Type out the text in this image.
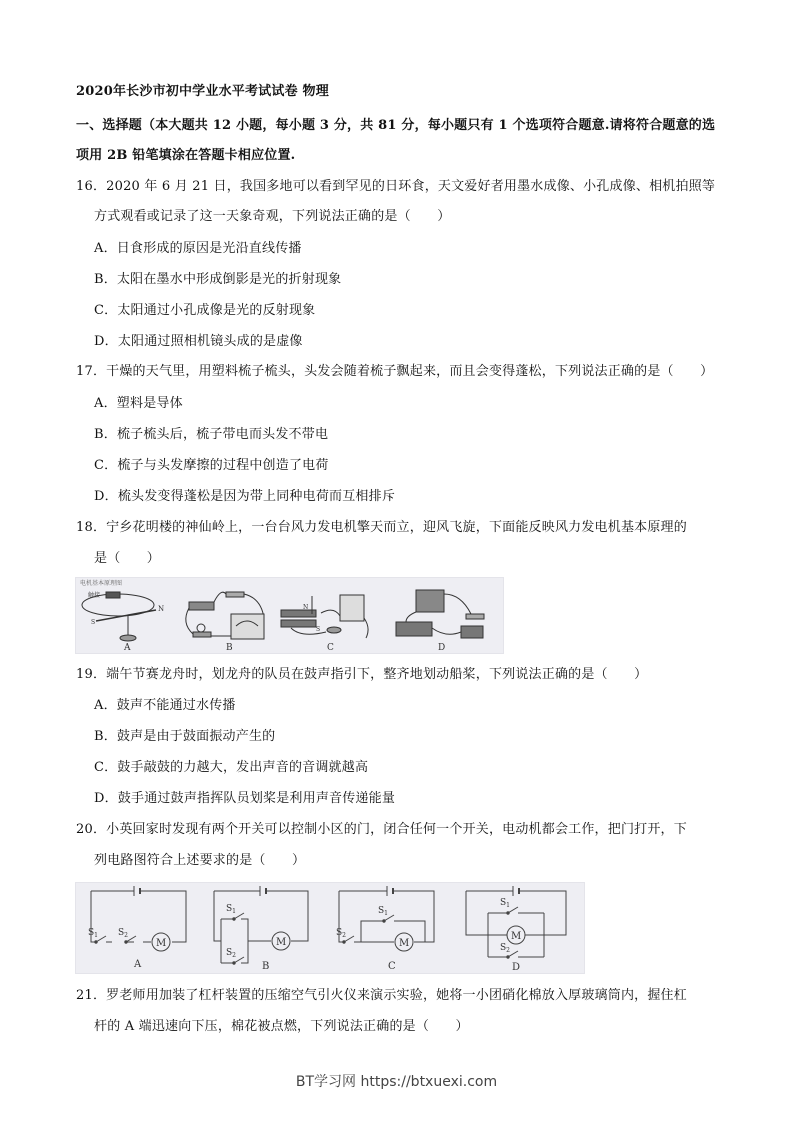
2020年长沙市初中学业水平考试试卷 物理
一、选择题（本大题共 12 小题，每小题 3 分，共 81 分，每小题只有 1 个选项符合题意.请将符合题意的选
项用 2B 铅笔填涂在答题卡相应位置.
16．2020 年 6 月 21 日，我国多地可以看到罕见的日环食，天文爱好者用墨水成像、小孔成像、相机拍照等
方式观看或记录了这一天象奇观，下列说法正确的是（　　）
A．日食形成的原因是光沿直线传播
B．太阳在墨水中形成倒影是光的折射现象
C．太阳通过小孔成像是光的反射现象
D．太阳通过照相机镜头成的是虚像
17．干燥的天气里，用塑料梳子梳头，头发会随着梳子飘起来，而且会变得蓬松，下列说法正确的是（　　）
A．塑料是导体
B．梳子梳头后，梳子带电而头发不带电
C．梳子与头发摩擦的过程中创造了电荷
D．梳头发变得蓬松是因为带上同种电荷而互相排斥
18．宁乡花明楼的神仙岭上，一台台风力发电机擎天而立，迎风飞旋，下面能反映风力发电机基本原理的
是（　　）
电机基本原理图
触接
N
S
N
S
A	B	C	D
19．端午节赛龙舟时，划龙舟的队员在鼓声指引下，整齐地划动船桨，下列说法正确的是（　　）
A．鼓声不能通过水传播
B．鼓声是由于鼓面振动产生的
C．鼓手敲鼓的力越大，发出声音的音调就越高
D．鼓手通过鼓声指挥队员划桨是利用声音传递能量
20．小英回家时发现有两个开关可以控制小区的门，闭合任何一个开关，电动机都会工作，把门打开，下
列电路图符合上述要求的是（　　）
M
$S_1$ $S_2$
A
M
$S_1$
$S_2$
B
M
$S_2$
$S_1$
C
M
$S_1$
$S_2$
D
21．罗老师用加装了杠杆装置的压缩空气引火仪来演示实验，她将一小团硝化棉放入厚玻璃筒内，握住杠
杆的 A 端迅速向下压，棉花被点燃，下列说法正确的是（　　）
BT学习网 https://btxuexi.com
